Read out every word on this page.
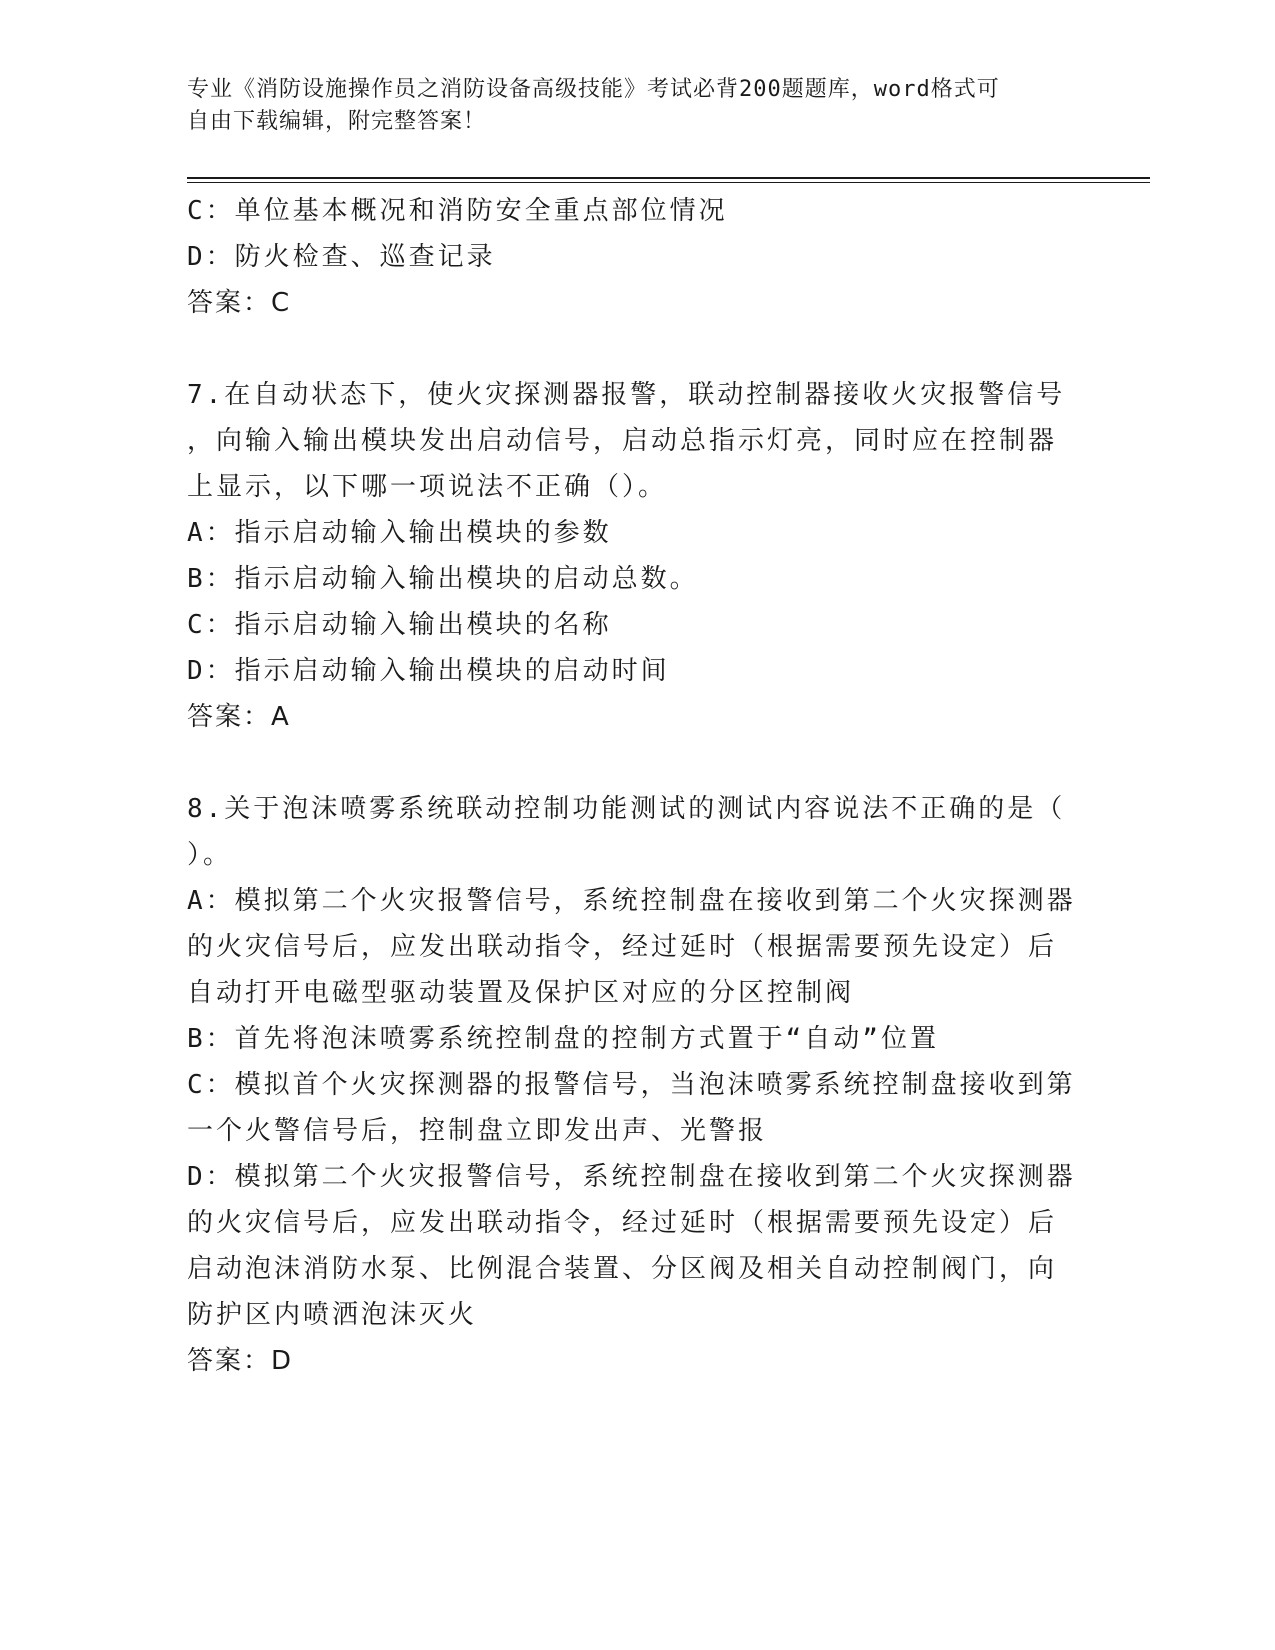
专业《消防设施操作员之消防设备高级技能》考试必背200题题库，word格式可
自由下载编辑，附完整答案！
C：单位基本概况和消防安全重点部位情况
D：防火检查、巡查记录
答案：C
7.在自动状态下，使火灾探测器报警，联动控制器接收火灾报警信号
，向输入输出模块发出启动信号，启动总指示灯亮，同时应在控制器
上显示，以下哪一项说法不正确（）。
A：指示启动输入输出模块的参数
B：指示启动输入输出模块的启动总数。
C：指示启动输入输出模块的名称
D：指示启动输入输出模块的启动时间
答案：A
8.关于泡沫喷雾系统联动控制功能测试的测试内容说法不正确的是（
）。
A：模拟第二个火灾报警信号，系统控制盘在接收到第二个火灾探测器
的火灾信号后，应发出联动指令，经过延时（根据需要预先设定）后
自动打开电磁型驱动装置及保护区对应的分区控制阀
B：首先将泡沫喷雾系统控制盘的控制方式置于“自动”位置
C：模拟首个火灾探测器的报警信号，当泡沫喷雾系统控制盘接收到第
一个火警信号后，控制盘立即发出声、光警报
D：模拟第二个火灾报警信号，系统控制盘在接收到第二个火灾探测器
的火灾信号后，应发出联动指令，经过延时（根据需要预先设定）后
启动泡沫消防水泵、比例混合装置、分区阀及相关自动控制阀门，向
防护区内喷洒泡沫灭火
答案：D
